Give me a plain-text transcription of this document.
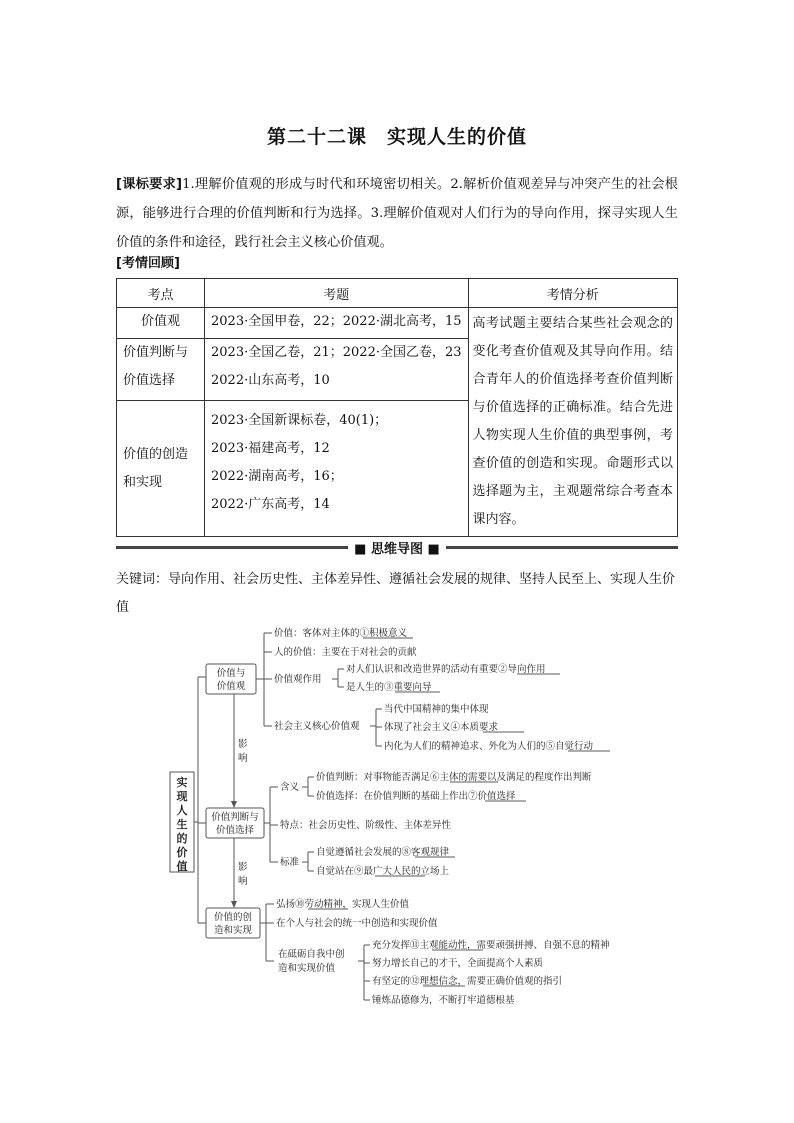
第二十二课　实现人生的价值
[课标要求]1.理解价值观的形成与时代和环境密切相关。2.解析价值观差异与冲突产生的社会根源，能够进行合理的价值判断和行为选择。3.理解价值观对人们行为的导向作用，探寻实现人生价值的条件和途径，践行社会主义核心价值观。
[考情回顾]
考点	考题	考情分析
价值观	2023·全国甲卷，22；2022·湖北高考，15	高考试题主要结合某些社会观念的变化考查价值观及其导向作用。结合青年人的价值选择考查价值判断与价值选择的正确标准。结合先进人物实现人生价值的典型事例，考查价值的创造和实现。命题形式以选择题为主，主观题常综合考查本课内容。
价值判断与价值选择	2023·全国乙卷，21；2022·全国乙卷，23
2022·山东高考，10	

价值的创造和实现	2023·全国新课标卷，40(1)；
2023·福建高考，12
2022·湖南高考，16；
2022·广东高考，14	
■ 思维导图 ■
关键词：导向作用、社会历史性、主体差异性、遵循社会发展的规律、坚持人民至上、实现人生价值
实
现
人
生
的
价
值
价值与
价值观
价值判断与
价值选择
价值的创
造和实现
影
响
影
响
价值：客体对主体的①积极意义
人的价值：主要在于对社会的贡献
价值观作用
对人们认识和改造世界的活动有重要②导向作用
是人生的③重要向导
社会主义核心价值观
当代中国精神的集中体现
体现了社会主义④本质要求
内化为人们的精神追求、外化为人们的⑤自觉行动
含义
价值判断：对事物能否满足⑥主体的需要以及满足的程度作出判断
价值选择：在价值判断的基础上作出⑦价值选择
特点：社会历史性、阶级性、主体差异性
标准
自觉遵循社会发展的⑧客观规律
自觉站在⑨最广大人民的立场上
弘扬⑩劳动精神，实现人生价值
在个人与社会的统一中创造和实现价值
在砥砺自我中创
造和实现价值
充分发挥⑪主观能动性，需要顽强拼搏、自强不息的精神
努力增长自己的才干，全面提高个人素质
有坚定的⑫理想信念，需要正确价值观的指引
锤炼品德修为，不断打牢道德根基
